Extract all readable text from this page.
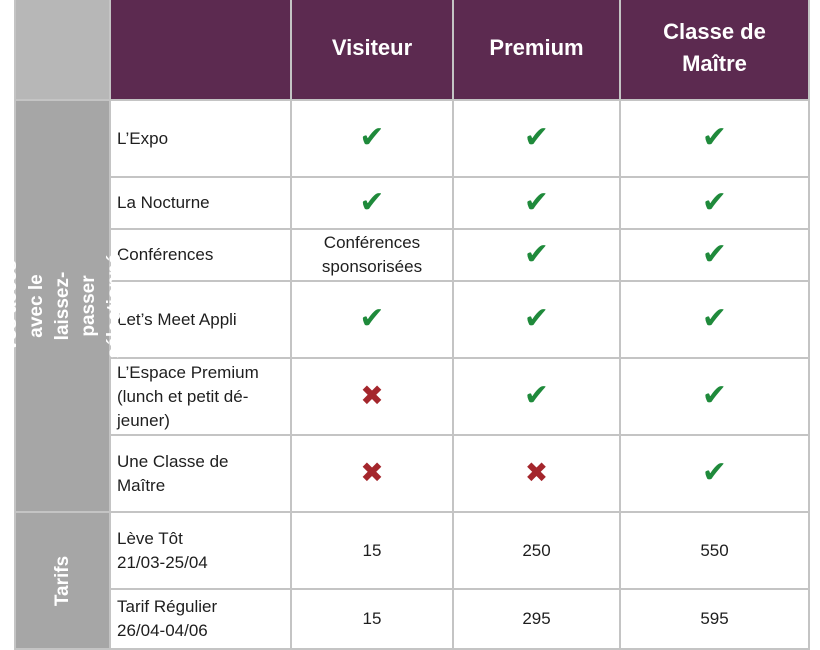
		Visiteur	Premium	Classe de
Maître

Vos accès avec le
laissez-passer sélectionné	L’Expo	✔	✔	✔
	La Nocturne	✔	✔	✔
	Conférences	Conférences
sponsorisées	✔	✔
	Let’s Meet Appli	✔	✔	✔
	L’Espace Premium
(lunch et petit dé-
jeuner)	✖	✔	✔
	Une Classe de
Maître	✖	✖	✔

Tarifs	Lève Tôt
21/03-25/04	15	250	550
	Tarif Régulier
26/04-04/06	15	295	595
